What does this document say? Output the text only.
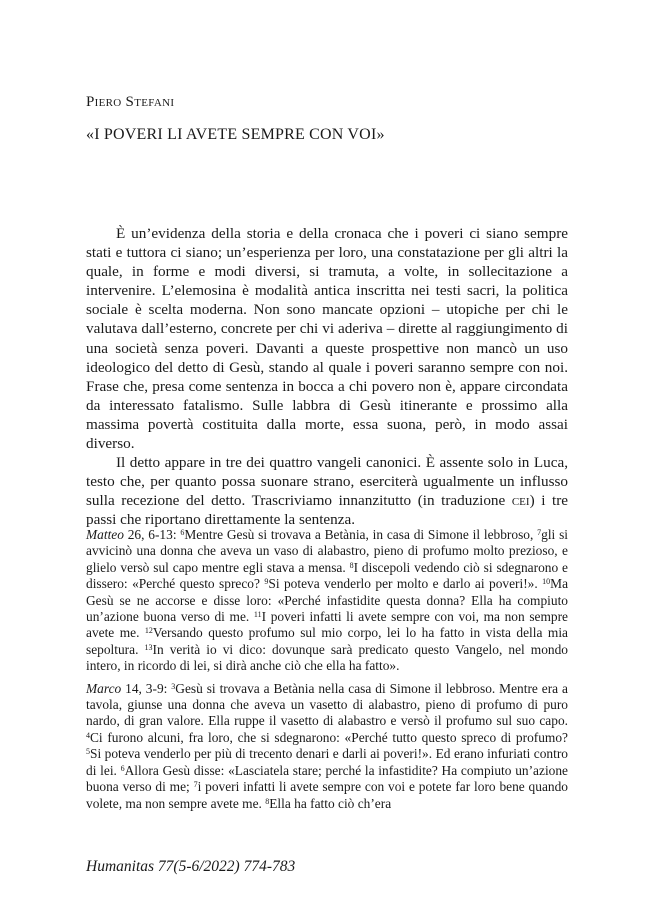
Piero Stefani
«I POVERI LI AVETE SEMPRE CON VOI»

È un’evidenza della storia e della cronaca che i poveri ci siano sempre stati e tuttora ci siano; un’esperienza per loro, una constatazione per gli altri la quale, in forme e modi diversi, si tramuta, a volte, in sollecitazione a intervenire. L’elemosina è modalità antica inscritta nei testi sacri, la politica sociale è scelta moderna. Non sono mancate opzioni – utopiche per chi le valutava dall’esterno, concrete per chi vi aderiva – dirette al raggiungimento di una società senza poveri. Davanti a queste prospettive non mancò un uso ideologico del detto di Gesù, stando al quale i poveri saranno sempre con noi. Frase che, presa come sentenza in bocca a chi povero non è, appare circondata da interessato fatalismo. Sulle labbra di Gesù itinerante e prossimo alla massima povertà costituita dalla morte, essa suona, però, in modo assai diverso.

Il detto appare in tre dei quattro vangeli canonici. È assente solo in Luca, testo che, per quanto possa suonare strano, eserciterà ugualmente un influsso sulla recezione del detto. Trascriviamo innanzitutto (in traduzione cei) i tre passi che riportano direttamente la sentenza.

Matteo 26, 6-13: $^6$Mentre Gesù si trovava a Betània, in casa di Simone il lebbroso, $^7$gli si avvicinò una donna che aveva un vaso di alabastro, pieno di profumo molto prezioso, e glielo versò sul capo mentre egli stava a mensa. $^8$I discepoli vedendo ciò si sdegnarono e dissero: «Perché questo spreco? $^9$Si poteva venderlo per molto e darlo ai poveri!». $^{10}$Ma Gesù se ne accorse e disse loro: «Perché infastidite questa donna? Ella ha compiuto un’azione buona verso di me. $^{11}$I poveri infatti li avete sempre con voi, ma non sempre avete me. $^{12}$Versando questo profumo sul mio corpo, lei lo ha fatto in vista della mia sepoltura. $^{13}$In verità io vi dico: dovunque sarà predicato questo Vangelo, nel mondo intero, in ricordo di lei, si dirà anche ciò che ella ha fatto».

Marco 14, 3-9: $^3$Gesù si trovava a Betània nella casa di Simone il lebbroso. Mentre era a tavola, giunse una donna che aveva un vasetto di alabastro, pieno di profumo di puro nardo, di gran valore. Ella ruppe il vasetto di alabastro e versò il profumo sul suo capo. $^4$Ci furono alcuni, fra loro, che si sdegnarono: «Perché tutto questo spreco di profumo? $^5$Si poteva venderlo per più di trecento denari e darli ai poveri!». Ed erano infuriati contro di lei. $^6$Allora Gesù disse: «Lasciatela stare; perché la infastidite? Ha compiuto un’azione buona verso di me; $^7$i poveri infatti li avete sempre con voi e potete far loro bene quando volete, ma non sempre avete me. $^8$Ella ha fatto ciò ch’era

Humanitas 77(5-6/2022) 774-783
